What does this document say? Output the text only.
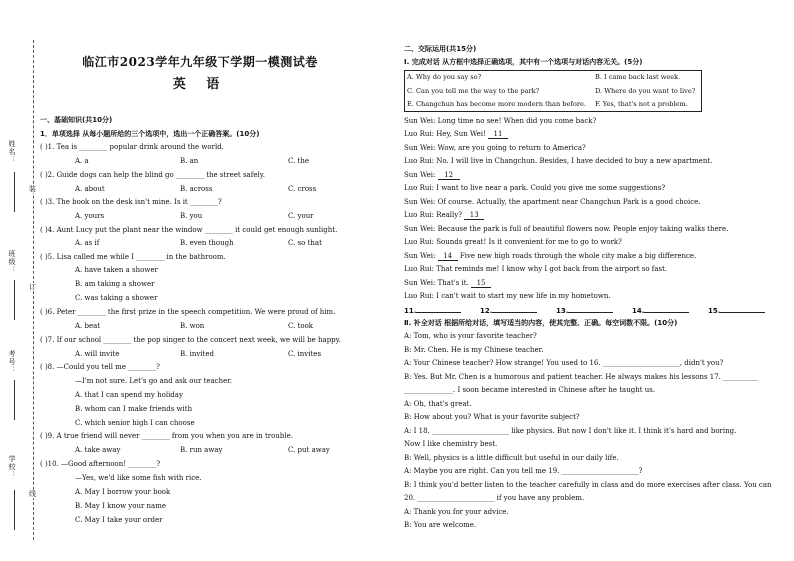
姓名：
班级：
考号：
学校：
装
订
线
临江市2023学年九年级下学期一模测试卷
英 语
一、基础知识(共10分)
1．单项选择 从每小题所给的三个选项中，选出一个正确答案。(10分)
( )1. Tea is ________ popular drink around the world.
A. a	B. an	C. the
( )2. Guide dogs can help the blind go ________ the street safely.
A. about	B. across	C. cross
( )3. The book on the desk isn't mine. Is it ________?
A. yours	B. you	C. your
( )4. Aunt Lucy put the plant near the window ________ it could get enough sunlight.
A. as if	B. even though	C. so that
( )5. Lisa called me while I ________ in the bathroom.
A. have taken a shower
B. am taking a shower
C. was taking a shower
( )6. Peter ________ the first prize in the speech competition. We were proud of him.
A. beat	B. won	C. took
( )7. If our school ________ the pop singer to the concert next week, we will be happy.
A. will invite	B. invited	C. invites
( )8. —Could you tell me ________?
—I'm not sure. Let's go and ask our teacher.
A. that I can spend my holiday
B. whom can I make friends with
C. which senior high I can choose
( )9. A true friend will never ________ from you when you are in trouble.
A. take away	B. run away	C. put away
( )10. —Good afternoon! ________?
—Yes, we'd like some fish with rice.
A. May I borrow your book
B. May I know your name
C. May I take your order
二、交际运用(共15分)
Ⅰ. 完成对话 从方框中选择正确选项，其中有一个选项与对话内容无关。(5分)
A. Why do you say so?	B. I came back last week.
C. Can you tell me the way to the park?	D. Where do you want to live?
E. Changchun has become more modern than before. F. Yes, that's not a problem.
Sun Wei: Long time no see! When did you come back?
Luo Rui: Hey, Sun Wei! 11
Sun Wei: Wow, are you going to return to America?
Luo Rui: No. I will live in Changchun. Besides, I have decided to buy a new apartment.
Sun Wei: 12
Luo Rui: I want to live near a park. Could you give me some suggestions?
Sun Wei: Of course. Actually, the apartment near Changchun Park is a good choice.
Luo Rui: Really? 13
Sun Wei: Because the park is full of beautiful flowers now. People enjoy taking walks there.
Luo Rui: Sounds great! Is it convenient for me to go to work?
Sun Wei: 14 Five new high roads through the whole city make a big difference.
Luo Rui: That reminds me! I know why I got back from the airport so fast.
Sun Wei: That's it. 15
Luo Rui: I can't wait to start my new life in my hometown.
11.	12.	13.	14.	15.
Ⅱ. 补全对话 根据所给对话，填写适当的内容，使其完整、正确。每空词数不限。(10分)
A: Tom, who is your favorite teacher?
B: Mr. Chen. He is my Chinese teacher.
A: Your Chinese teacher? How strange! You used to 16. ______________________, didn't you?
B: Yes. But Mr. Chen is a humorous and patient teacher. He always makes his lessons 17. __________
______________. I soon became interested in Chinese after he taught us.
A: Oh, that's great.
B: How about you? What is your favorite subject?
A: I 18. ______________________ like physics. But now I don't like it. I think it's hard and boring.
Now I like chemistry best.
B: Well, physics is a little difficult but useful in our daily life.
A: Maybe you are right. Can you tell me 19. ______________________?
B: I think you'd better listen to the teacher carefully in class and do more exercises after class. You can
20. ______________________ if you have any problem.
A: Thank you for your advice.
B: You are welcome.
